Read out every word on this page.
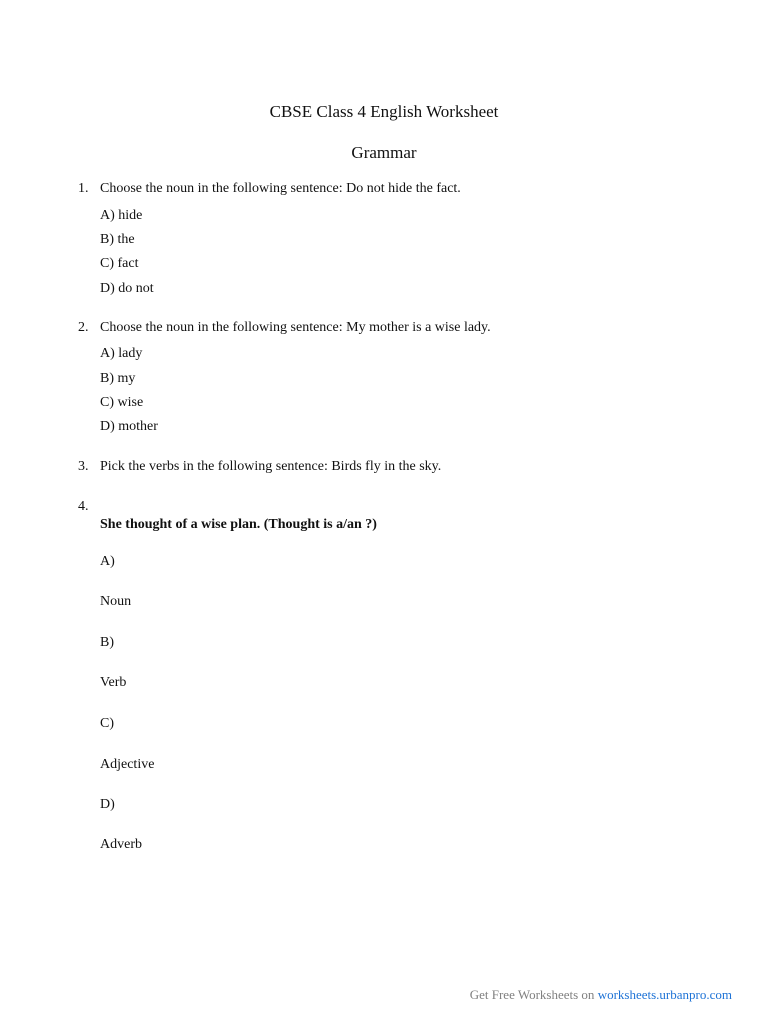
CBSE Class 4 English Worksheet
Grammar
1. Choose the noun in the following sentence: Do not hide the fact.
A) hide
B) the
C) fact
D) do not
2. Choose the noun in the following sentence: My mother is a wise lady.
A) lady
B) my
C) wise
D) mother
3. Pick the verbs in the following sentence: Birds fly in the sky.
4.
She thought of a wise plan. (Thought is a/an ?)
A)
Noun
B)
Verb
C)
Adjective
D)
Adverb
Get Free Worksheets on worksheets.urbanpro.com
